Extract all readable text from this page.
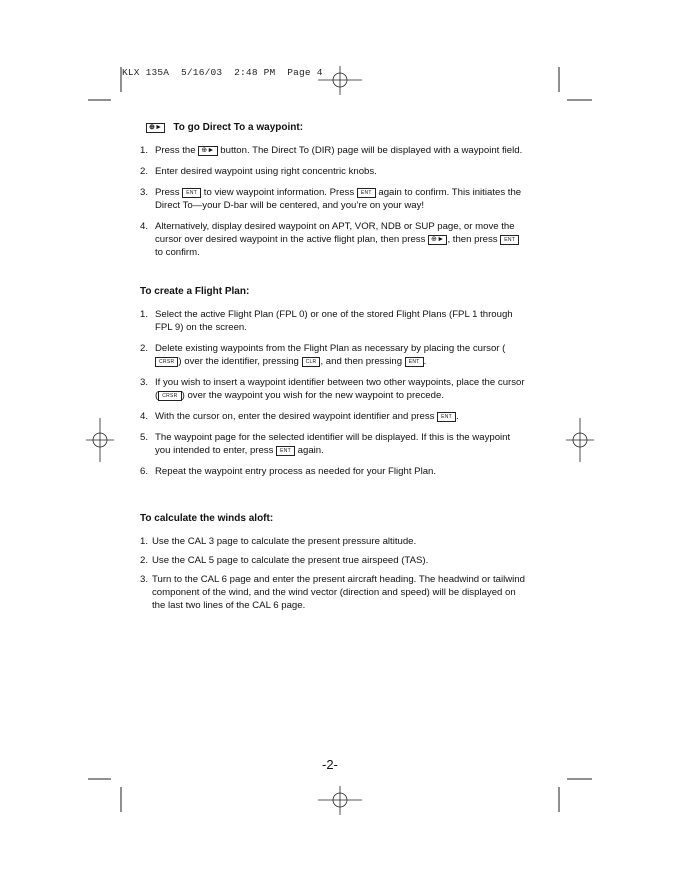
KLX 135A  5/16/03  2:48 PM  Page 4
⊕►	To go Direct To a waypoint:
1. Press the ⊕► button. The Direct To (DIR) page will be displayed with a waypoint field.
2. Enter desired waypoint using right concentric knobs.
3. Press ENT to view waypoint information. Press ENT again to confirm. This initiates the Direct To—your D-bar will be centered, and you’re on your way!
4. Alternatively, display desired waypoint on APT, VOR, NDB or SUP page, or move the cursor over desired waypoint in the active flight plan, then press ⊕► , then press ENT to confirm.
To create a Flight Plan:
1. Select the active Flight Plan (FPL 0) or one of the stored Flight Plans (FPL 1 through FPL 9) on the screen.
2. Delete existing waypoints from the Flight Plan as necessary by placing the cursor (CRSR ) over the identifier, pressing CLR , and then pressing ENT .
3. If you wish to insert a waypoint identifier between two other waypoints, place the cursor ( CRSR ) over the waypoint you wish for the new waypoint to precede.
4. With the cursor on, enter the desired waypoint identifier and press ENT .
5. The waypoint page for the selected identifier will be displayed. If this is the waypoint you intended to enter, press ENT again.
6. Repeat the waypoint entry process as needed for your Flight Plan.
To calculate the winds aloft:
1. Use the CAL 3 page to calculate the present pressure altitude.
2. Use the CAL 5 page to calculate the present true airspeed (TAS).
3. Turn to the CAL 6 page and enter the present aircraft heading. The headwind or tailwind component of the wind, and the wind vector (direction and speed) will be displayed on the last two lines of the CAL 6 page.
-2-
